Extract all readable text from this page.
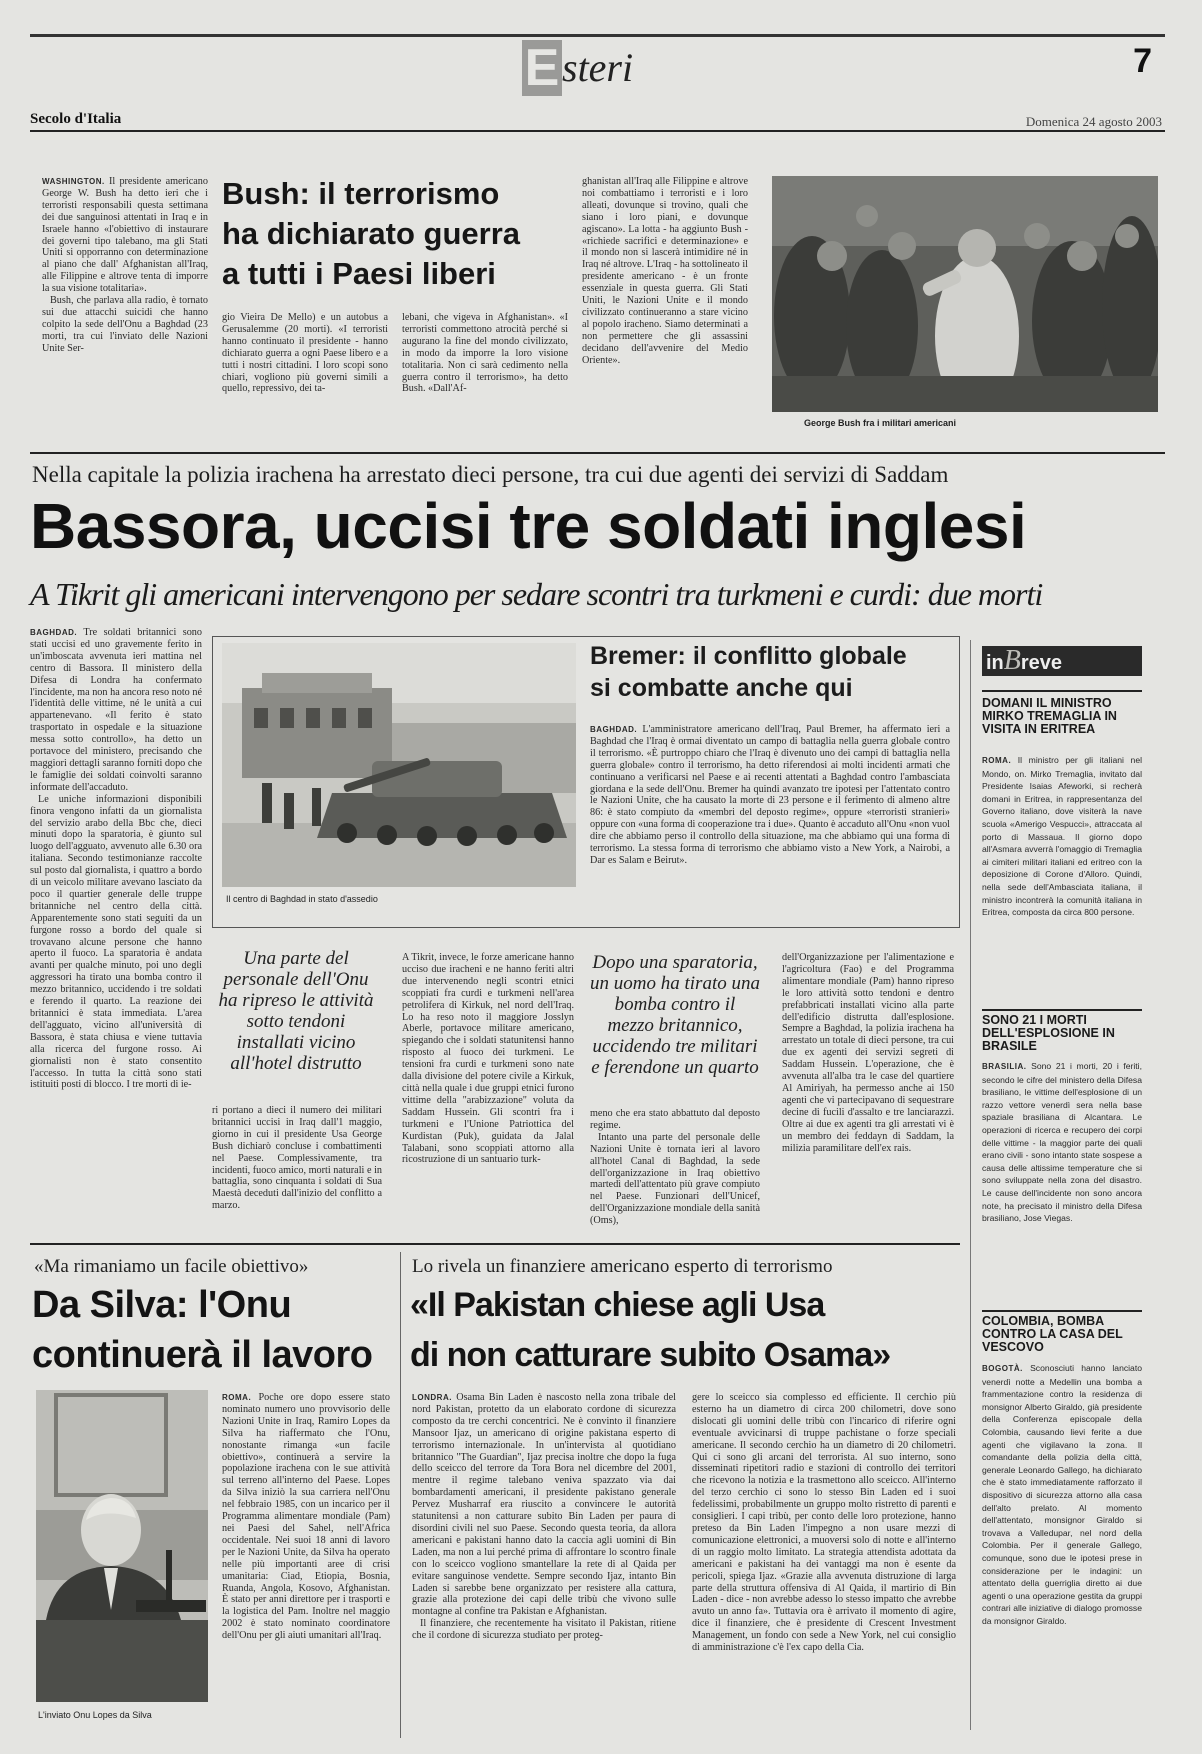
Esteri	7
Secolo d'Italia	Domenica 24 agosto 2003

WASHINGTON. Il presidente americano George W. Bush ha detto ieri che i terroristi responsabili questa settimana dei due sanguinosi attentati in Iraq e in Israele hanno «l'obiettivo di instaurare dei governi tipo talebano, ma gli Stati Uniti si opporranno con determinazione al piano che dall' Afghanistan all'Iraq, alle Filippine e altrove tenta di imporre la sua visione totalitaria».

Bush, che parlava alla radio, è tornato sui due attacchi suicidi che hanno colpito la sede dell'Onu a Baghdad (23 morti, tra cui l'inviato delle Nazioni Unite Ser-

Bush: il terrorismo
ha dichiarato guerra
a tutti i Paesi liberi

gio Vieira De Mello) e un autobus a Gerusalemme (20 morti). «I terroristi hanno continuato il presidente - hanno dichiarato guerra a ogni Paese libero e a tutti i nostri cittadini. I loro scopi sono chiari, vogliono più governi simili a quello, repressivo, dei ta-

lebani, che vigeva in Afghanistan». «I terroristi commettono atrocità perché si augurano la fine del mondo civilizzato, in modo da imporre la loro visione totalitaria. Non ci sarà cedimento nella guerra contro il terrorismo», ha detto Bush. «Dall'Af-

ghanistan all'Iraq alle Filippine e altrove noi combattiamo i terroristi e i loro alleati, dovunque si trovino, quali che siano i loro piani, e dovunque agiscano». La lotta - ha aggiunto Bush - «richiede sacrifici e determinazione» e il mondo non si lascerà intimidire né in Iraq né altrove. L'Iraq - ha sottolineato il presidente americano - è un fronte essenziale in questa guerra. Gli Stati Uniti, le Nazioni Unite e il mondo civilizzato continueranno a stare vicino al popolo iracheno. Siamo determinati a non permettere che gli assassini decidano dell'avvenire del Medio Oriente».

George Bush fra i militari americani
Nella capitale la polizia irachena ha arrestato dieci persone, tra cui due agenti dei servizi di Saddam
Bassora, uccisi tre soldati inglesi
A Tikrit gli americani intervengono per sedare scontri tra turkmeni e curdi: due morti

BAGHDAD. Tre soldati britannici sono stati uccisi ed uno gravemente ferito in un'imboscata avvenuta ieri mattina nel centro di Bassora. Il ministero della Difesa di Londra ha confermato l'incidente, ma non ha ancora reso noto né l'identità delle vittime, né le unità a cui appartenevano. «Il ferito è stato trasportato in ospedale e la situazione messa sotto controllo», ha detto un portavoce del ministero, precisando che maggiori dettagli saranno forniti dopo che le famiglie dei soldati coinvolti saranno informate dell'accaduto.

Le uniche informazioni disponibili finora vengono infatti da un giornalista del servizio arabo della Bbc che, dieci minuti dopo la sparatoria, è giunto sul luogo dell'agguato, avvenuto alle 6.30 ora italiana. Secondo testimonianze raccolte sul posto dal giornalista, i quattro a bordo di un veicolo militare avevano lasciato da poco il quartier generale delle truppe britanniche nel centro della città. Apparentemente sono stati seguiti da un furgone rosso a bordo del quale si trovavano alcune persone che hanno aperto il fuoco. La sparatoria è andata avanti per qualche minuto, poi uno degli aggressori ha tirato una bomba contro il mezzo britannico, uccidendo i tre soldati e ferendo il quarto. La reazione dei britannici è stata immediata. L'area dell'agguato, vicino all'università di Bassora, è stata chiusa e viene tuttavia alla ricerca del furgone rosso. Ai giornalisti non è stato consentito l'accesso. In tutta la città sono stati istituiti posti di blocco. I tre morti di ie-

Il centro di Baghdad in stato d'assedio
Bremer: il conflitto globale
si combatte anche qui

BAGHDAD. L'amministratore americano dell'Iraq, Paul Bremer, ha affermato ieri a Baghdad che l'Iraq è ormai diventato un campo di battaglia nella guerra globale contro il terrorismo. «È purtroppo chiaro che l'Iraq è divenuto uno dei campi di battaglia nella guerra globale» contro il terrorismo, ha detto riferendosi ai molti incidenti armati che continuano a verificarsi nel Paese e ai recenti attentati a Baghdad contro l'ambasciata giordana e la sede dell'Onu. Bremer ha quindi avanzato tre ipotesi per l'attentato contro le Nazioni Unite, che ha causato la morte di 23 persone e il ferimento di almeno altre 86: è stato compiuto da «membri del deposto regime», oppure «terroristi stranieri» oppure con «una forma di cooperazione tra i due». Quanto è accaduto all'Onu «non vuol dire che abbiamo perso il controllo della situazione, ma che abbiamo qui una forma di terrorismo. La stessa forma di terrorismo che abbiamo visto a New York, a Nairobi, a Dar es Salam e Beirut».

Una parte del personale dell'Onu ha ripreso le attività sotto tendoni installati vicino all'hotel distrutto

ri portano a dieci il numero dei militari britannici uccisi in Iraq dall'1 maggio, giorno in cui il presidente Usa George Bush dichiarò concluse i combattimenti nel Paese. Complessivamente, tra incidenti, fuoco amico, morti naturali e in battaglia, sono cinquanta i soldati di Sua Maestà deceduti dall'inizio del conflitto a marzo.

A Tikrit, invece, le forze americane hanno ucciso due iracheni e ne hanno feriti altri due intervenendo negli scontri etnici scoppiati fra curdi e turkmeni nell'area petrolifera di Kirkuk, nel nord dell'Iraq. Lo ha reso noto il maggiore Josslyn Aberle, portavoce militare americano, spiegando che i soldati statunitensi hanno risposto al fuoco dei turkmeni. Le tensioni fra curdi e turkmeni sono nate dalla divisione del potere civile a Kirkuk, città nella quale i due gruppi etnici furono vittime della "arabizzazione" voluta da Saddam Hussein. Gli scontri fra i turkmeni e l'Unione Patriottica del Kurdistan (Puk), guidata da Jalal Talabani, sono scoppiati attorno alla ricostruzione di un santuario turk-

Dopo una sparatoria, un uomo ha tirato una bomba contro il mezzo britannico, uccidendo tre militari e ferendone un quarto

meno che era stato abbattuto dal deposto regime.

Intanto una parte del personale delle Nazioni Unite è tornata ieri al lavoro all'hotel Canal di Baghdad, la sede dell'organizzazione in Iraq obiettivo martedì dell'attentato più grave compiuto nel Paese. Funzionari dell'Unicef, dell'Organizzazione mondiale della sanità (Oms),

dell'Organizzazione per l'alimentazione e l'agricoltura (Fao) e del Programma alimentare mondiale (Pam) hanno ripreso le loro attività sotto tendoni e dentro prefabbricati installati vicino alla parte dell'edificio distrutta dall'esplosione. Sempre a Baghdad, la polizia irachena ha arrestato un totale di dieci persone, tra cui due ex agenti dei servizi segreti di Saddam Hussein. L'operazione, che è avvenuta all'alba tra le case del quartiere Al Amiriyah, ha permesso anche ai 150 agenti che vi partecipavano di sequestrare decine di fucili d'assalto e tre lanciarazzi. Oltre ai due ex agenti tra gli arrestati vi è un membro dei feddayn di Saddam, la milizia paramilitare dell'ex rais.

inBreve
DOMANI IL MINISTRO MIRKO TREMAGLIA IN VISITA IN ERITREA
ROMA. Il ministro per gli italiani nel Mondo, on. Mirko Tremaglia, invitato dal Presidente Isaias Afeworki, si recherà domani in Eritrea, in rappresentanza del Governo italiano, dove visiterà la nave scuola «Amerigo Vespucci», attraccata al porto di Massaua. Il giorno dopo all'Asmara avverrà l'omaggio di Tremaglia ai cimiteri militari italiani ed eritreo con la deposizione di Corone d'Alloro. Quindi, nella sede dell'Ambasciata italiana, il ministro incontrerà la comunità italiana in Eritrea, composta da circa 800 persone.
SONO 21 I MORTI DELL'ESPLOSIONE IN BRASILE
BRASILIA. Sono 21 i morti, 20 i feriti, secondo le cifre del ministero della Difesa brasiliano, le vittime dell'esplosione di un razzo vettore venerdì sera nella base spaziale brasiliana di Alcantara. Le operazioni di ricerca e recupero dei corpi delle vittime - la maggior parte dei quali erano civili - sono intanto state sospese a causa delle altissime temperature che si sono sviluppate nella zona del disastro. Le cause dell'incidente non sono ancora note, ha precisato il ministro della Difesa brasiliano, Jose Viegas.
COLOMBIA, BOMBA CONTRO LA CASA DEL VESCOVO
BOGOTÀ. Sconosciuti hanno lanciato venerdì notte a Medellin una bomba a frammentazione contro la residenza di monsignor Alberto Giraldo, già presidente della Conferenza episcopale della Colombia, causando lievi ferite a due agenti che vigilavano la zona. Il comandante della polizia della città, generale Leonardo Gallego, ha dichiarato che è stato immediatamente rafforzato il dispositivo di sicurezza attorno alla casa dell'alto prelato. Al momento dell'attentato, monsignor Giraldo si trovava a Valledupar, nel nord della Colombia. Per il generale Gallego, comunque, sono due le ipotesi prese in considerazione per le indagini: un attentato della guerriglia diretto ai due agenti o una operazione gestita da gruppi contrari alle iniziative di dialogo promosse da monsignor Giraldo.
«Ma rimaniamo un facile obiettivo»
Da Silva: l'Onu
continuerà il lavoro
L'inviato Onu Lopes da Silva

ROMA. Poche ore dopo essere stato nominato numero uno provvisorio delle Nazioni Unite in Iraq, Ramiro Lopes da Silva ha riaffermato che l'Onu, nonostante rimanga «un facile obiettivo», continuerà a servire la popolazione irachena con le sue attività sul terreno all'interno del Paese. Lopes da Silva iniziò la sua carriera nell'Onu nel febbraio 1985, con un incarico per il Programma alimentare mondiale (Pam) nei Paesi del Sahel, nell'Africa occidentale. Nei suoi 18 anni di lavoro per le Nazioni Unite, da Silva ha operato nelle più importanti aree di crisi umanitaria: Ciad, Etiopia, Bosnia, Ruanda, Angola, Kosovo, Afghanistan. È stato per anni direttore per i trasporti e la logistica del Pam. Inoltre nel maggio 2002 è stato nominato coordinatore dell'Onu per gli aiuti umanitari all'Iraq.

Lo rivela un finanziere americano esperto di terrorismo
«Il Pakistan chiese agli Usa
di non catturare subito Osama»

LONDRA. Osama Bin Laden è nascosto nella zona tribale del nord Pakistan, protetto da un elaborato cordone di sicurezza composto da tre cerchi concentrici. Ne è convinto il finanziere Mansoor Ijaz, un americano di origine pakistana esperto di terrorismo internazionale. In un'intervista al quotidiano britannico "The Guardian", Ijaz precisa inoltre che dopo la fuga dello sceicco del terrore da Tora Bora nel dicembre del 2001, mentre il regime talebano veniva spazzato via dai bombardamenti americani, il presidente pakistano generale Pervez Musharraf era riuscito a convincere le autorità statunitensi a non catturare subito Bin Laden per paura di disordini civili nel suo Paese. Secondo questa teoria, da allora americani e pakistani hanno dato la caccia agli uomini di Bin Laden, ma non a lui perché prima di affrontare lo scontro finale con lo sceicco vogliono smantellare la rete di al Qaida per evitare sanguinose vendette. Sempre secondo Ijaz, intanto Bin Laden si sarebbe bene organizzato per resistere alla cattura, grazie alla protezione dei capi delle tribù che vivono sulle montagne al confine tra Pakistan e Afghanistan.

Il finanziere, che recentemente ha visitato il Pakistan, ritiene che il cordone di sicurezza studiato per proteg-

gere lo sceicco sia complesso ed efficiente. Il cerchio più esterno ha un diametro di circa 200 chilometri, dove sono dislocati gli uomini delle tribù con l'incarico di riferire ogni eventuale avvicinarsi di truppe pachistane o forze speciali americane. Il secondo cerchio ha un diametro di 20 chilometri. Qui ci sono gli arcani del terrorista. Al suo interno, sono disseminati ripetitori radio e stazioni di controllo dei territori che ricevono la notizia e la trasmettono allo sceicco. All'interno del terzo cerchio ci sono lo stesso Bin Laden ed i suoi fedelissimi, probabilmente un gruppo molto ristretto di parenti e consiglieri. I capi tribù, per conto delle loro protezione, hanno preteso da Bin Laden l'impegno a non usare mezzi di comunicazione elettronici, a muoversi solo di notte e all'interno di un raggio molto limitato. La strategia attendista adottata da americani e pakistani ha dei vantaggi ma non è esente da pericoli, spiega Ijaz. «Grazie alla avvenuta distruzione di larga parte della struttura offensiva di Al Qaida, il martirio di Bin Laden - dice - non avrebbe adesso lo stesso impatto che avrebbe avuto un anno fa». Tuttavia ora è arrivato il momento di agire, dice il finanziere, che è presidente di Crescent Investment Management, un fondo con sede a New York, nel cui consiglio di amministrazione c'è l'ex capo della Cia.
